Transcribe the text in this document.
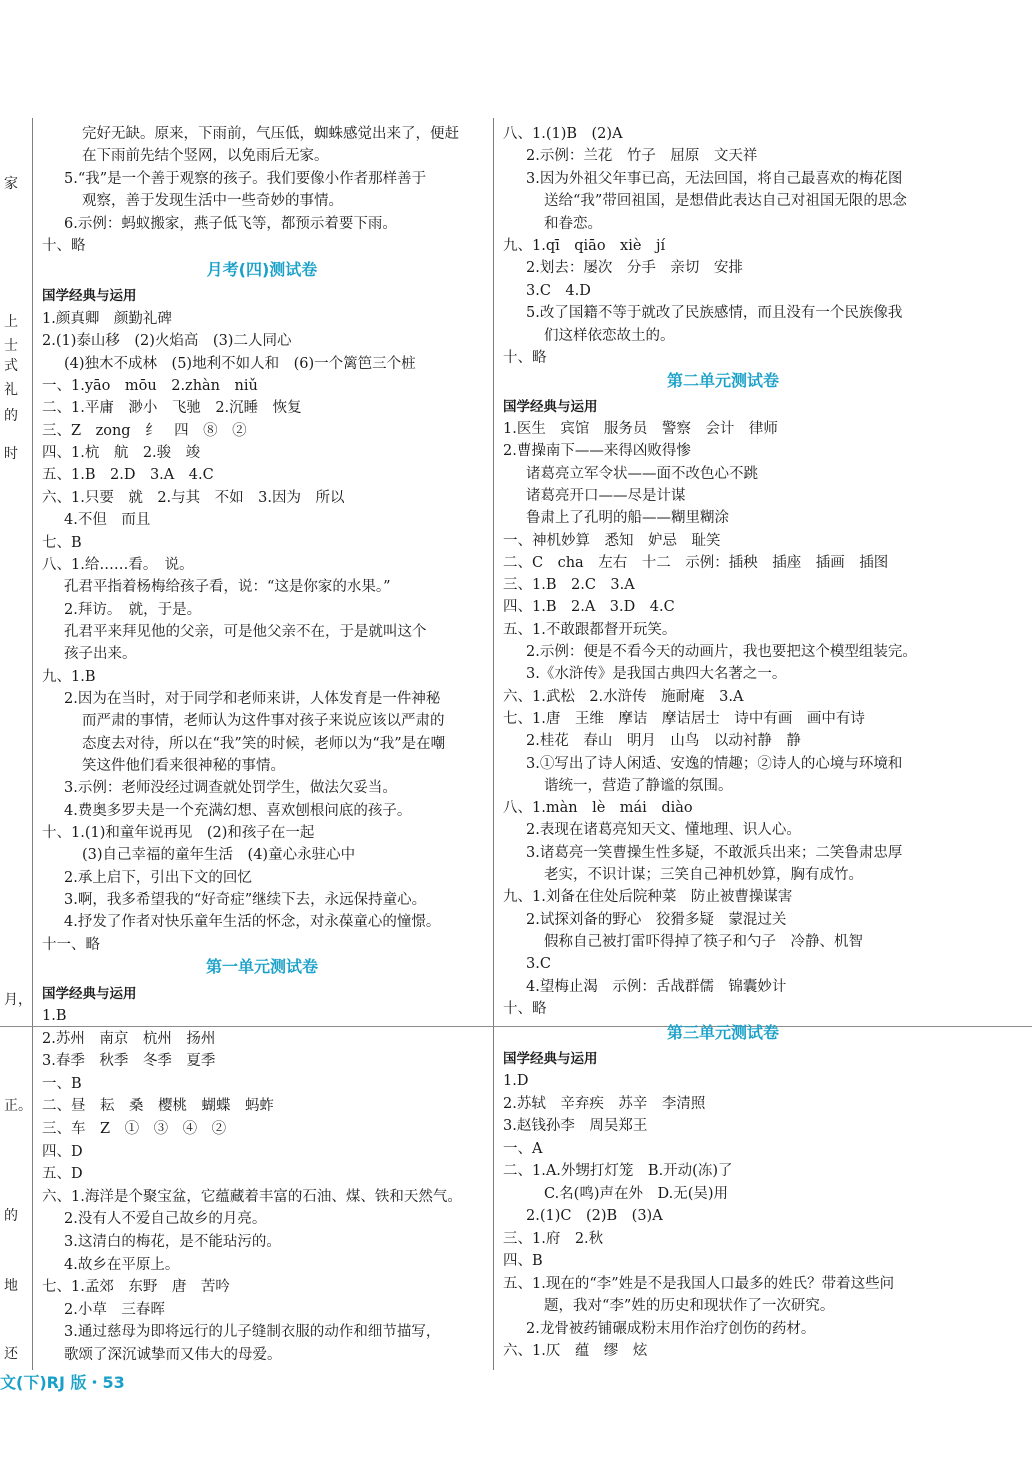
家
上
士
式
礼
的
时
月，
正。
的
地
还
完好无缺。原来，下雨前，气压低，蜘蛛感觉出来了，便赶
在下雨前先结个竖网，以免雨后无家。
5.“我”是一个善于观察的孩子。我们要像小作者那样善于
观察，善于发现生活中一些奇妙的事情。
6.示例：蚂蚁搬家，燕子低飞等，都预示着要下雨。
十、略
月考(四)测试卷
国学经典与运用
1.颜真卿　颜勤礼碑
2.(1)泰山移　(2)火焰高　(3)二人同心
(4)独木不成林　(5)地利不如人和　(6)一个篱笆三个桩
一、1.yāo　mōu　2.zhàn　niǔ
二、1.平庸　渺小　飞驰　2.沉睡　恢复
三、Z　zong　纟　四　⑧　②
四、1.杭　航　2.骏　竣
五、1.B　2.D　3.A　4.C
六、1.只要　就　2.与其　不如　3.因为　所以
4.不但　而且
七、B
八、1.给……看。　说。
孔君平指着杨梅给孩子看，说：“这是你家的水果。”
2.拜访。　就，于是。
孔君平来拜见他的父亲，可是他父亲不在，于是就叫这个
孩子出来。
九、1.B
2.因为在当时，对于同学和老师来讲，人体发育是一件神秘
而严肃的事情，老师认为这件事对孩子来说应该以严肃的
态度去对待，所以在“我”笑的时候，老师以为“我”是在嘲
笑这件他们看来很神秘的事情。
3.示例：老师没经过调查就处罚学生，做法欠妥当。
4.费奥多罗夫是一个充满幻想、喜欢刨根问底的孩子。
十、1.(1)和童年说再见　(2)和孩子在一起
(3)自己幸福的童年生活　(4)童心永驻心中
2.承上启下，引出下文的回忆
3.啊，我多希望我的“好奇症”继续下去，永远保持童心。
4.抒发了作者对快乐童年生活的怀念，对永葆童心的憧憬。
十一、略
第一单元测试卷
国学经典与运用
1.B
2.苏州　南京　杭州　扬州
3.春季　秋季　冬季　夏季
一、B
二、昼　耘　桑　樱桃　蝴蝶　蚂蚱
三、车　Z　①　③　④　②
四、D
五、D
六、1.海洋是个聚宝盆，它蕴藏着丰富的石油、煤、铁和天然气。
2.没有人不爱自己故乡的月亮。
3.这清白的梅花，是不能玷污的。
4.故乡在平原上。
七、1.孟郊　东野　唐　苦吟
2.小草　三春晖
3.通过慈母为即将远行的儿子缝制衣服的动作和细节描写，
歌颂了深沉诚挚而又伟大的母爱。
八、1.(1)B　(2)A
2.示例：兰花　竹子　屈原　文天祥
3.因为外祖父年事已高，无法回国，将自己最喜欢的梅花图
送给“我”带回祖国，是想借此表达自己对祖国无限的思念
和眷恋。
九、1.qī　qiāo　xiè　jí
2.划去：屡次　分手　亲切　安排
3.C　4.D
5.改了国籍不等于就改了民族感情，而且没有一个民族像我
们这样依恋故土的。
十、略
第二单元测试卷
国学经典与运用
1.医生　宾馆　服务员　警察　会计　律师
2.曹操南下——来得凶败得惨
诸葛亮立军令状——面不改色心不跳
诸葛亮开口——尽是计谋
鲁肃上了孔明的船——糊里糊涂
一、神机妙算　悉知　妒忌　耻笑
二、C　cha　左右　十二　示例：插秧　插座　插画　插图
三、1.B　2.C　3.A
四、1.B　2.A　3.D　4.C
五、1.不敢跟都督开玩笑。
2.示例：便是不看今天的动画片，我也要把这个模型组装完。
3.《水浒传》是我国古典四大名著之一。
六、1.武松　2.水浒传　施耐庵　3.A
七、1.唐　王维　摩诘　摩诘居士　诗中有画　画中有诗
2.桂花　春山　明月　山鸟　以动衬静　静
3.①写出了诗人闲适、安逸的情趣；②诗人的心境与环境和
谐统一，营造了静谧的氛围。
八、1.màn　lè　mái　diào
2.表现在诸葛亮知天文、懂地理、识人心。
3.诸葛亮一笑曹操生性多疑，不敢派兵出来；二笑鲁肃忠厚
老实，不识计谋；三笑自己神机妙算，胸有成竹。
九、1.刘备在住处后院种菜　防止被曹操谋害
2.试探刘备的野心　狡猾多疑　蒙混过关
假称自己被打雷吓得掉了筷子和勺子　冷静、机智
3.C
4.望梅止渴　示例：舌战群儒　锦囊妙计
十、略
第三单元测试卷
国学经典与运用
1.D
2.苏轼　辛弃疾　苏辛　李清照
3.赵钱孙李　周吴郑王
一、A
二、1.A.外甥打灯笼　B.开动(冻)了
C.名(鸣)声在外　D.无(吴)用
2.(1)C　(2)B　(3)A
三、1.府　2.秋
四、B
五、1.现在的“李”姓是不是我国人口最多的姓氏？带着这些问
题，我对“李”姓的历史和现状作了一次研究。
2.龙骨被药铺碾成粉末用作治疗创伤的药材。
六、1.仄　蕴　缪　炫
文(下)RJ 版・53
